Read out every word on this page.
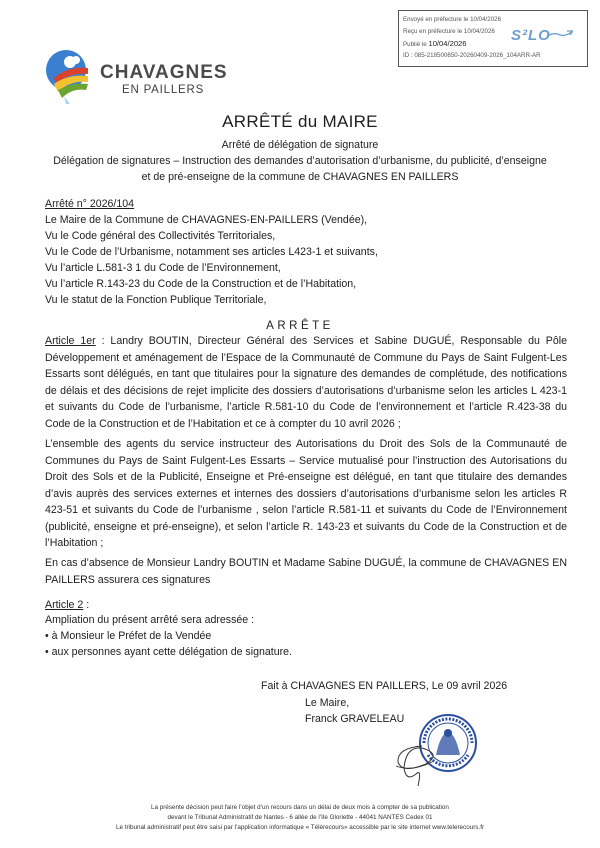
CHAVAGNES
EN PAILLERS
Envoyé en préfecture le 10/04/2026
Reçu en préfecture le 10/04/2026
Publié le 10/04/2026
ID : 085-218500650-20260409-2026_104ARR-AR
S²LO
ARRÊTÉ du MAIRE
Arrêté de délégation de signature
Délégation de signatures – Instruction des demandes d’autorisation d’urbanisme, du publicité, d’enseigne
et de pré-enseigne de la commune de CHAVAGNES EN PAILLERS
Arrêté n° 2026/104
Le Maire de la Commune de CHAVAGNES-EN-PAILLERS (Vendée),
Vu le Code général des Collectivités Territoriales,
Vu le Code de l’Urbanisme, notamment ses articles L423-1 et suivants,
Vu l’article L.581-3 1 du Code de l’Environnement,
Vu l’article R.143-23 du Code de la Construction et de l’Habitation,
Vu le statut de la Fonction Publique Territoriale,
ARRÊTE
Article 1er : Landry BOUTIN, Directeur Général des Services et Sabine DUGUÉ, Responsable du Pôle Développement et aménagement de l’Espace de la Communauté de Commune du Pays de Saint Fulgent-Les Essarts sont délégués, en tant que titulaires pour la signature des demandes de complétude, des notifications de délais et des décisions de rejet implicite des dossiers d’autorisations d’urbanisme selon les articles L 423-1 et suivants du Code de l’urbanisme, l’article R.581-10 du Code de l’environnement et l’article R.423-38 du Code de la Construction et de l’Habitation et ce à compter du 10 avril 2026 ;
L’ensemble des agents du service instructeur des Autorisations du Droit des Sols de la Communauté de Communes du Pays de Saint Fulgent-Les Essarts – Service mutualisé pour l’instruction des Autorisations du Droit des Sols et de la Publicité, Enseigne et Pré-enseigne est délégué, en tant que titulaire des demandes d’avis auprès des services externes et internes des dossiers d’autorisations d’urbanisme selon les articles R 423-51 et suivants du Code de l’urbanisme , selon l’article R.581-11 et suivants du Code de l’Environnement (publicité, enseigne et pré-enseigne), et selon l’article R. 143-23 et suivants du Code de la Construction et de l’Habitation ;
En cas d’absence de Monsieur Landry BOUTIN et Madame Sabine DUGUÉ, la commune de CHAVAGNES EN PAILLERS assurera ces signatures
Article 2 :
Ampliation du présent arrêté sera adressée :
• à Monsieur le Préfet de la Vendée
• aux personnes ayant cette délégation de signature.
Fait à CHAVAGNES EN PAILLERS, Le 09 avril 2026
Le Maire,
Franck GRAVELEAU
La présente décision peut faire l’objet d’un recours dans un délai de deux mois à compter de sa publication
devant le Tribunal Administratif de Nantes - 6 allée de l’Ile Gloriette - 44041 NANTES Cedex 01
Le tribunal administratif peut être saisi par l’application informatique « Télérecours» accessible par le site internet www.telerecours.fr
